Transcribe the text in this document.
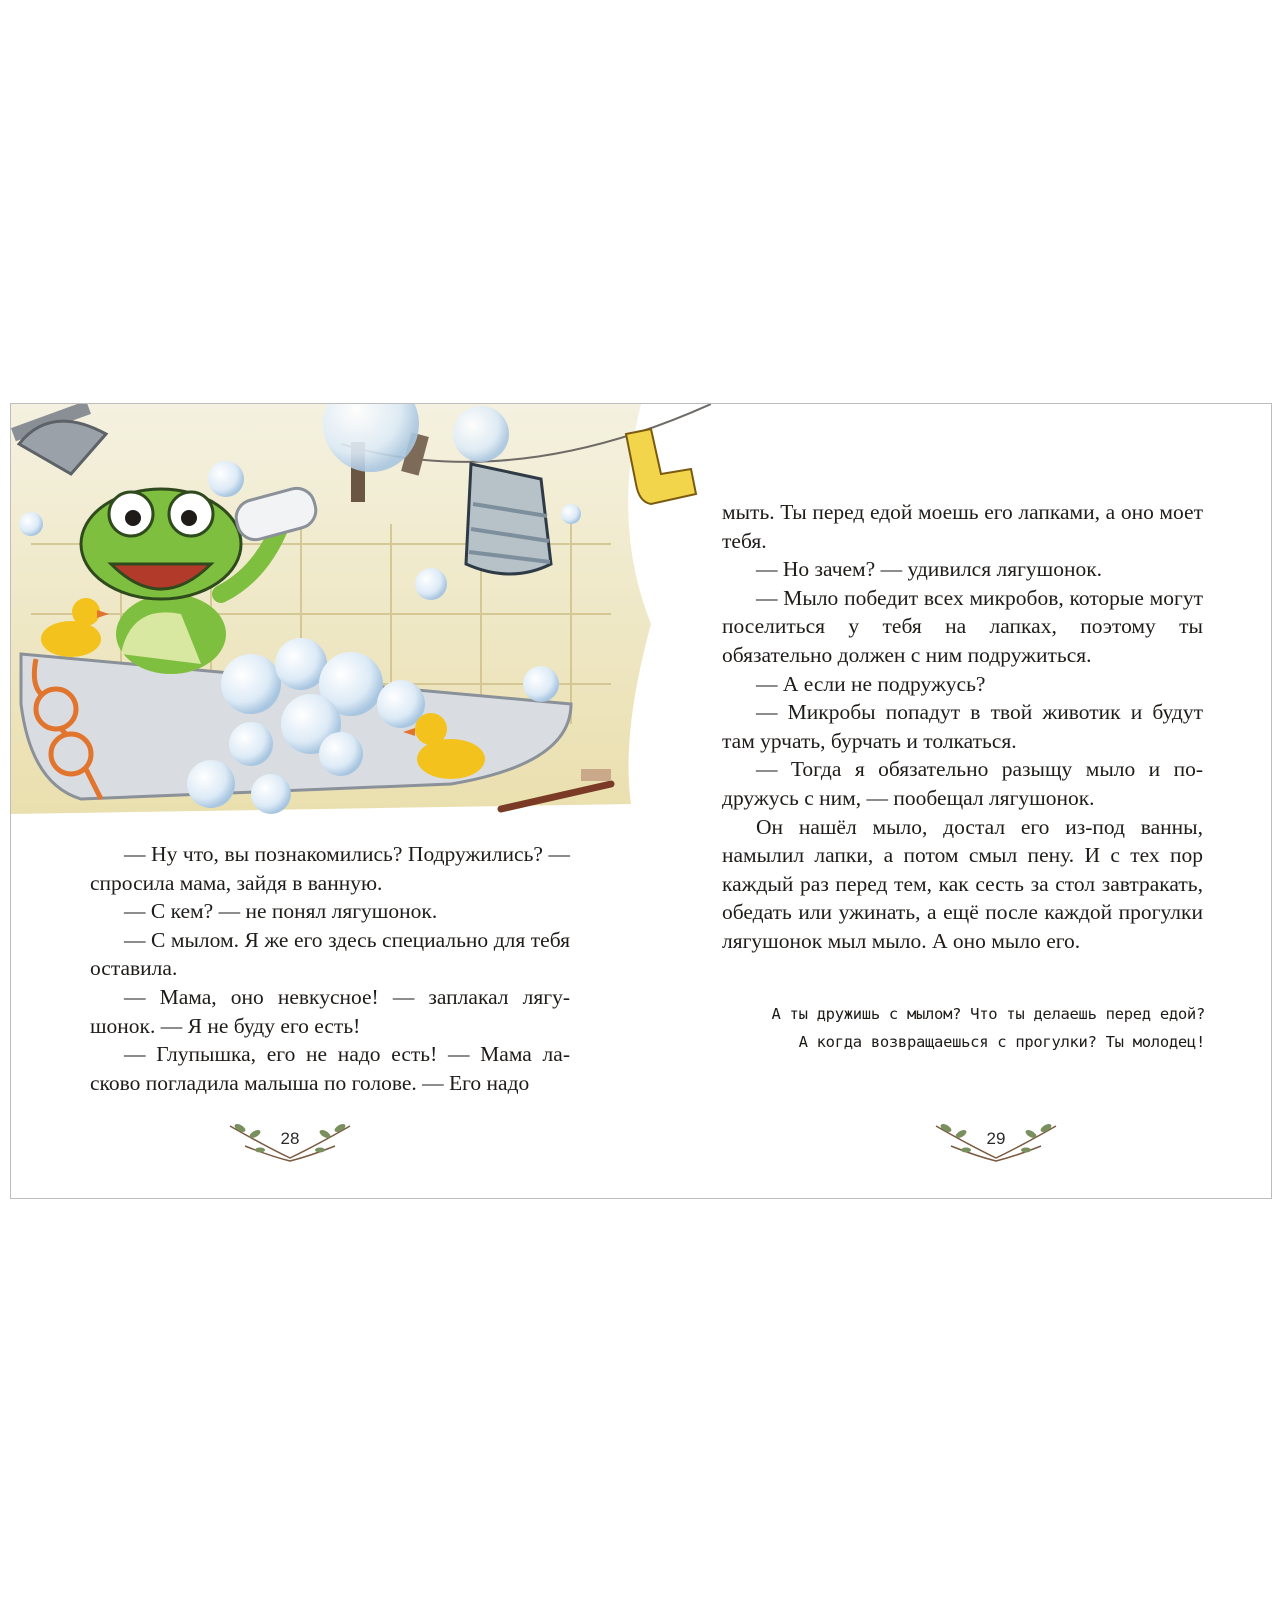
— Ну что, вы познакомились? Подружились? — спросила мама, зайдя в ванную.

— С кем? — не понял лягушонок.

— С мылом. Я же его здесь специально для тебя оставила.

— Мама, оно невкусное! — заплакал лягушонок. — Я не буду его есть!

— Глупышка, его не надо есть! — Мама ласково погладила малыша по голове. — Его надо

мыть. Ты перед едой моешь его лапками, а оно моет тебя.

— Но зачем? — удивился лягушонок.

— Мыло победит всех микробов, которые могут поселиться у тебя на лапках, поэтому ты обязательно должен с ним подружиться.

— А если не подружусь?

— Микробы попадут в твой животик и будут там урчать, бурчать и толкаться.

— Тогда я обязательно разыщу мыло и подружусь с ним, — пообещал лягушонок.

Он нашёл мыло, достал его из-под ванны, намылил лапки, а потом смыл пену. И с тех пор каждый раз перед тем, как сесть за стол завтракать, обедать или ужинать, а ещё после каждой прогулки лягушонок мыл мыло. А оно мыло его.

А ты дружишь с мылом? Что ты делаешь перед едой?

А когда возвращаешься с прогулки? Ты молодец!

28	29
